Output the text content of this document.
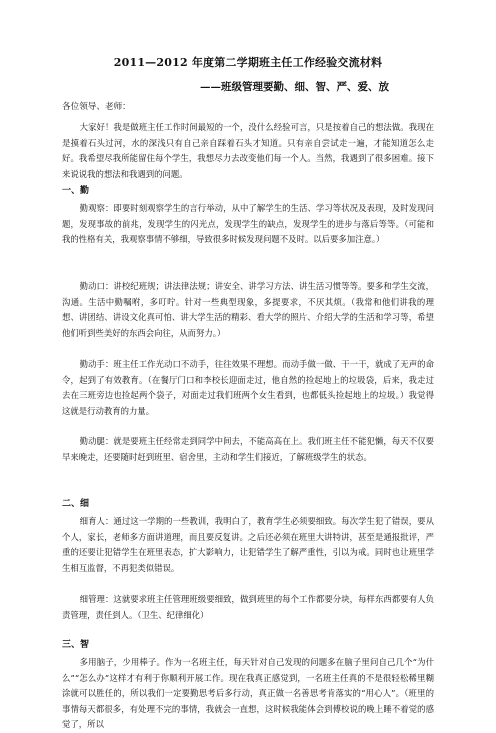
2011—2012 年度第二学期班主任工作经验交流材料
——班级管理要勤、细、智、严、爱、放
各位领导、老师：

大家好！我是做班主任工作时间最短的一个，没什么经验可言，只是按着自己的想法做。我现在是摸着石头过河，水的深浅只有自己亲自踩着石头才知道。只有亲自尝试走一遍，才能知道怎么走好。我希望尽我所能留住每个学生，我想尽力去改变他们每一个人。当然，我遇到了很多困难。接下来说说我的想法和我遇到的问题。

一、勤

勤观察：即要时刻观察学生的言行举动，从中了解学生的生活、学习等状况及表现，及时发现问题，发现事故的前兆，发现学生的闪光点，发现学生的缺点，发现学生的进步与落后等等。（可能和我的性格有关，我观察事情不够细，导致很多时候发现问题不及时。以后要多加注意。）

勤动口：讲校纪班规；讲法律法规；讲安全、讲学习方法、讲生活习惯等等。要多和学生交流，沟通。生活中勤嘱咐，多叮咛。针对一些典型现象，多提要求，不厌其烦。（我常和他们讲我的理想、讲团结、讲设文化真可怕、讲大学生活的精彩、看大学的照片、介绍大学的生活和学习等，希望他们听到些美好的东西会向往，从而努力。）

勤动手：班主任工作光动口不动手，往往效果不理想。而动手做一做、干一干，就成了无声的命令，起到了有效教育。（在餐厅门口和李校长迎面走过，他自然的捡起地上的垃圾袋，后来，我走过去在三班旁边也捡起两个袋子，对面走过我们班两个女生看到，也都低头捡起地上的垃圾。）我觉得这就是行动教育的力量。

勤动腿：就是要班主任经常走到同学中间去，不能高高在上。我们班主任不能犯懒，每天不仅要早来晚走，还要随时赶到班里、宿舍里，主动和学生们接近，了解班级学生的状态。

二、细

细育人：通过这一学期的一些教训，我明白了，教育学生必须要细致。每次学生犯了错误，要从个人，家长，老师多方面讲道理，而且要反复讲。之后还必须在班里大讲特讲，甚至是通报批评，严重的还要让犯错学生在班里表态，扩大影响力，让犯错学生了解严重性，引以为戒。同时也让班里学生相互监督，不再犯类似错误。

细管理：这就要求班主任管理班级要细致，做到班里的每个工作都要分块，每样东西都要有人负责管理，责任到人。（卫生、纪律细化）

三、智

多用脑子，少用棒子。作为一名班主任，每天针对自己发现的问题多在脑子里问自己几个“为什么”“怎么办”这样才有利于你顺利开展工作。现在我真正感觉到，一名班主任真的不是很轻松稀里糊涂就可以胜任的，所以我们一定要勤思考后多行动，真正做一名善思考肯落实的“用心人”。（班里的事情每天都很多，有处理不完的事情，我就会一直想，这时候我能体会到傅校说的晚上睡不着觉的感觉了，所以
